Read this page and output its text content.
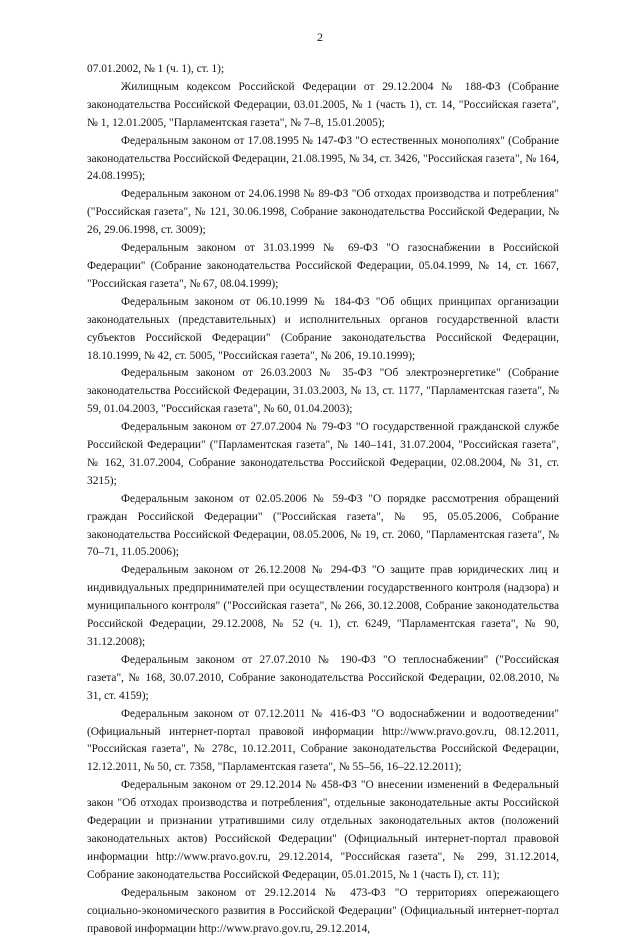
2

07.01.2002, № 1 (ч. 1), ст. 1);

Жилищным кодексом Российской Федерации от 29.12.2004 № 188-ФЗ (Собрание законодательства Российской Федерации, 03.01.2005, № 1 (часть 1), ст. 14, "Российская газета", № 1, 12.01.2005, "Парламентская газета", № 7–8, 15.01.2005);

Федеральным законом от 17.08.1995 № 147-ФЗ "О естественных монополиях" (Собрание законодательства Российской Федерации, 21.08.1995, № 34, ст. 3426, "Российская газета", № 164, 24.08.1995);

Федеральным законом от 24.06.1998 № 89-ФЗ "Об отходах производства и потребления" ("Российская газета", № 121, 30.06.1998, Собрание законодательства Российской Федерации, № 26, 29.06.1998, ст. 3009);

Федеральным законом от 31.03.1999 № 69-ФЗ "О газоснабжении в Российской Федерации" (Собрание законодательства Российской Федерации, 05.04.1999, № 14, ст. 1667, "Российская газета", № 67, 08.04.1999);

Федеральным законом от 06.10.1999 № 184-ФЗ "Об общих принципах организации законодательных (представительных) и исполнительных органов государственной власти субъектов Российской Федерации" (Собрание законодательства Российской Федерации, 18.10.1999, № 42, ст. 5005, "Российская газета", № 206, 19.10.1999);

Федеральным законом от 26.03.2003 № 35-ФЗ "Об электроэнергетике" (Собрание законодательства Российской Федерации, 31.03.2003, № 13, ст. 1177, "Парламентская газета", № 59, 01.04.2003, "Российская газета", № 60, 01.04.2003);

Федеральным законом от 27.07.2004 № 79-ФЗ "О государственной гражданской службе Российской Федерации" ("Парламентская газета", № 140–141, 31.07.2004, "Российская газета", № 162, 31.07.2004, Собрание законодательства Российской Федерации, 02.08.2004, № 31, ст. 3215);

Федеральным законом от 02.05.2006 № 59-ФЗ "О порядке рассмотрения обращений граждан Российской Федерации" ("Российская газета", № 95, 05.05.2006, Собрание законодательства Российской Федерации, 08.05.2006, № 19, ст. 2060, "Парламентская газета", № 70–71, 11.05.2006);

Федеральным законом от 26.12.2008 № 294-ФЗ "О защите прав юридических лиц и индивидуальных предпринимателей при осуществлении государственного контроля (надзора) и муниципального контроля" ("Российская газета", № 266, 30.12.2008, Собрание законодательства Российской Федерации, 29.12.2008, № 52 (ч. 1), ст. 6249, "Парламентская газета", № 90, 31.12.2008);

Федеральным законом от 27.07.2010 № 190-ФЗ "О теплоснабжении" ("Российская газета", № 168, 30.07.2010, Собрание законодательства Российской Федерации, 02.08.2010, № 31, ст. 4159);

Федеральным законом от 07.12.2011 № 416-ФЗ "О водоснабжении и водоотведении" (Официальный интернет-портал правовой информации http://www.pravo.gov.ru, 08.12.2011, "Российская газета", № 278с, 10.12.2011, Собрание законодательства Российской Федерации, 12.12.2011, № 50, ст. 7358, "Парламентская газета", № 55–56, 16–22.12.2011);

Федеральным законом от 29.12.2014 № 458-ФЗ "О внесении изменений в Федеральный закон "Об отходах производства и потребления", отдельные законодательные акты Российской Федерации и признании утратившими силу отдельных законодательных актов (положений законодательных актов) Российской Федерации" (Официальный интернет-портал правовой информации http://www.pravo.gov.ru, 29.12.2014, "Российская газета", № 299, 31.12.2014, Собрание законодательства Российской Федерации, 05.01.2015, № 1 (часть I), ст. 11);

Федеральным законом от 29.12.2014 № 473-ФЗ "О территориях опережающего социально-экономического развития в Российской Федерации" (Официальный интернет-портал правовой информации http://www.pravo.gov.ru, 29.12.2014,
